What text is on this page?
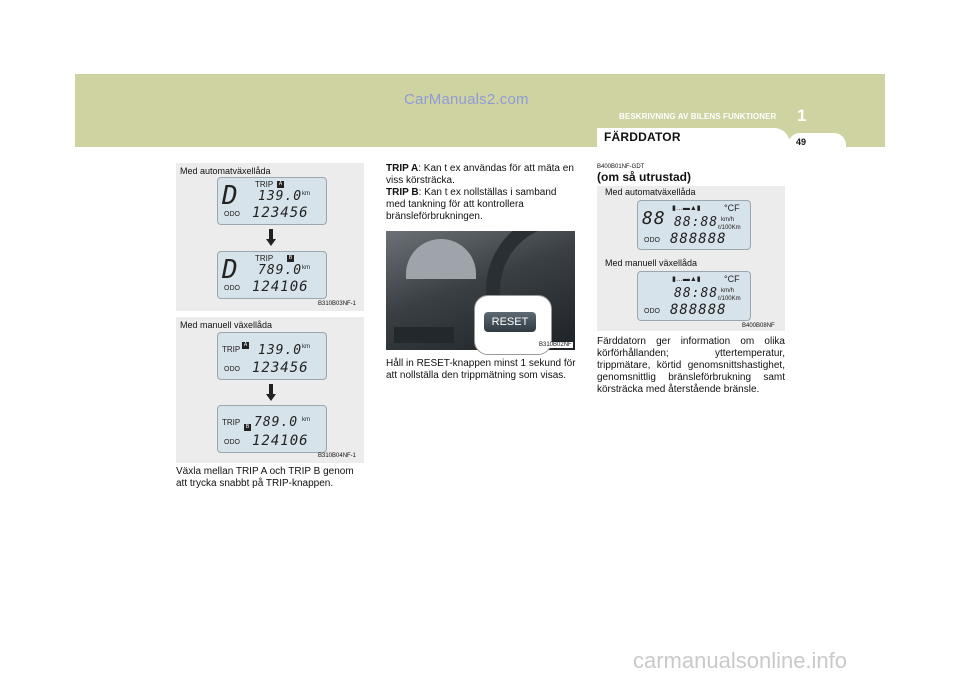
CarManuals2.com
BESKRIVNING AV BILENS FUNKTIONER 1
FÄRDDATOR	49
Med automatväxellåda
D TRIP	A
139.0 km
ODO 123456
D TRIP	B
789.0 km
ODO 124106
B310B03NF-1
Med manuell växellåda
TRIP A 139.0 km
ODO 123456
TRIP	B 789.0 km
ODO 124106
B310B04NF-1
Växla mellan TRIP A och TRIP B genom att trycka snabbt på TRIP-knappen.
TRIP A: Kan t ex användas för att mäta en viss körsträcka.
TRIP B: Kan t ex nollställas i samband med tankning för att kontrollera bränsleförbrukningen.
RESET
B310B02NF
Håll in RESET-knappen minst 1 sekund för att nollställa den trippmätning som visas.
B400B01NF-GDT
(om så utrustad)
Med automatväxellåda
88 ▮…▬▲▮	°CF
88:88 km/h
ℓ/100Km
ODO 888888
Med manuell växellåda
▮…▬▲▮	°CF
88:88 km/h
ℓ/100Km
ODO 888888
B400B08NF
Färddatorn ger information om olika körförhållanden; yttertemperatur, trippmätare, körtid genomsnittshastighet, genomsnittlig bränsleförbrukning samt körsträcka med återstående bränsle.
carmanualsonline.info
